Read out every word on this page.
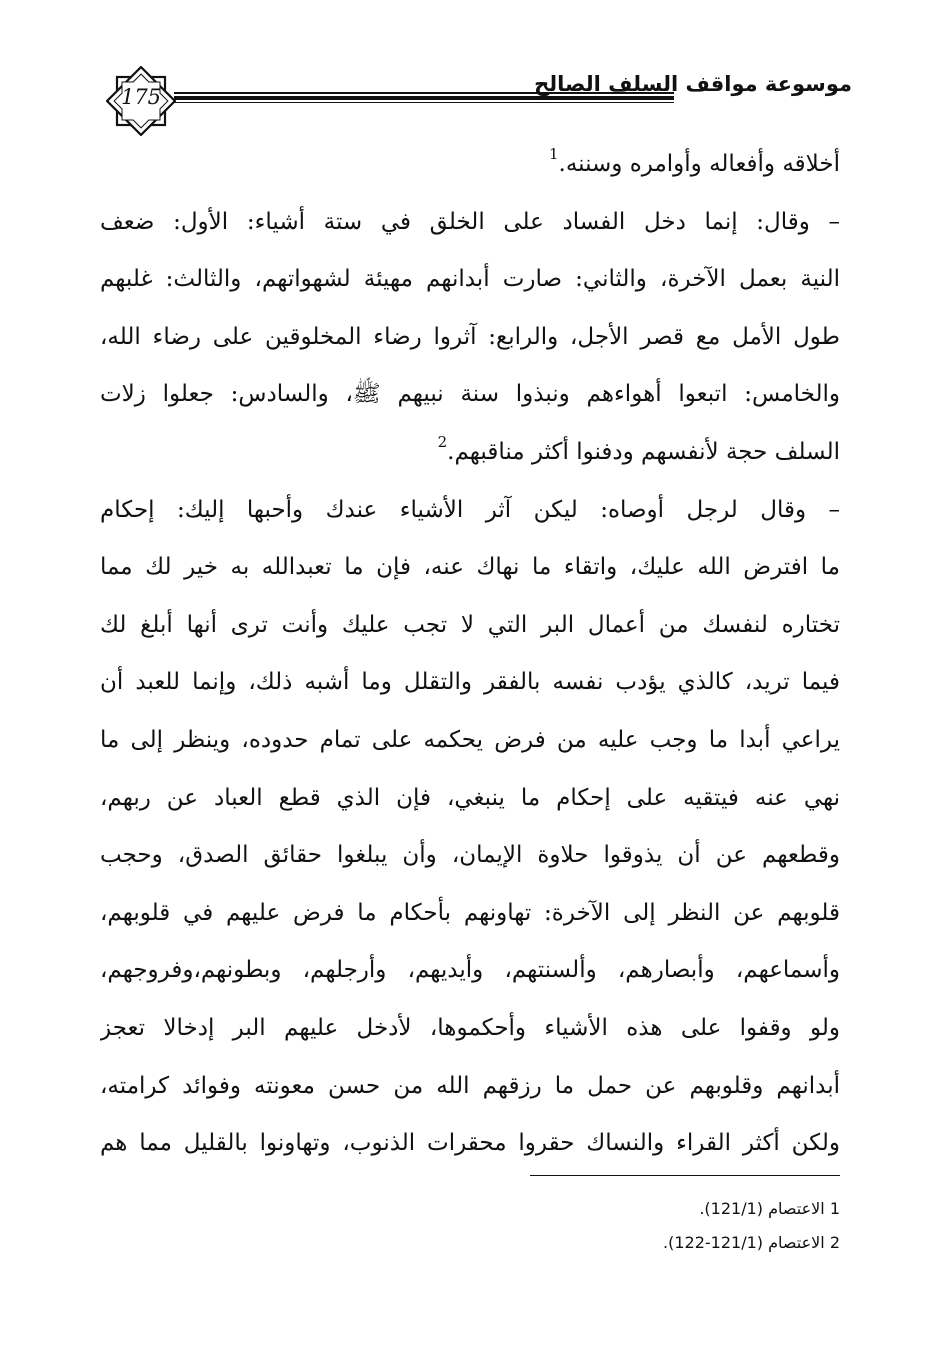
175
موسوعة مواقف السلف الصالح
أخلاقه وأفعاله وأوامره وسننه.$^1$
– وقال: إنما دخل الفساد على الخلق في ستة أشياء: الأول: ضعف
النية بعمل الآخرة، والثاني: صارت أبدانهم مهيئة لشهواتهم، والثالث: غلبهم
طول الأمل مع قصر الأجل، والرابع: آثروا رضاء المخلوقين على رضاء الله،
والخامس: اتبعوا أهواءهم ونبذوا سنة نبيهم ﷺ، والسادس: جعلوا زلات
السلف حجة لأنفسهم ودفنوا أكثر مناقبهم.$^2$
– وقال لرجل أوصاه: ليكن آثر الأشياء عندك وأحبها إليك: إحكام
ما افترض الله عليك، واتقاء ما نهاك عنه، فإن ما تعبدالله به خير لك مما
تختاره لنفسك من أعمال البر التي لا تجب عليك وأنت ترى أنها أبلغ لك
فيما تريد، كالذي يؤدب نفسه بالفقر والتقلل وما أشبه ذلك، وإنما للعبد أن
يراعي أبدا ما وجب عليه من فرض يحكمه على تمام حدوده، وينظر إلى ما
نهي عنه فيتقيه على إحكام ما ينبغي، فإن الذي قطع العباد عن ربهم،
وقطعهم عن أن يذوقوا حلاوة الإيمان، وأن يبلغوا حقائق الصدق، وحجب
قلوبهم عن النظر إلى الآخرة: تهاونهم بأحكام ما فرض عليهم في قلوبهم،
وأسماعهم، وأبصارهم، وألسنتهم، وأيديهم، وأرجلهم، وبطونهم،وفروجهم،
ولو وقفوا على هذه الأشياء وأحكموها، لأدخل عليهم البر إدخالا تعجز
أبدانهم وقلوبهم عن حمل ما رزقهم الله من حسن معونته وفوائد كرامته،
ولكن أكثر القراء والنساك حقروا محقرات الذنوب، وتهاونوا بالقليل مما هم
1 الاعتصام (121/1).
2 الاعتصام (121/1-122).
